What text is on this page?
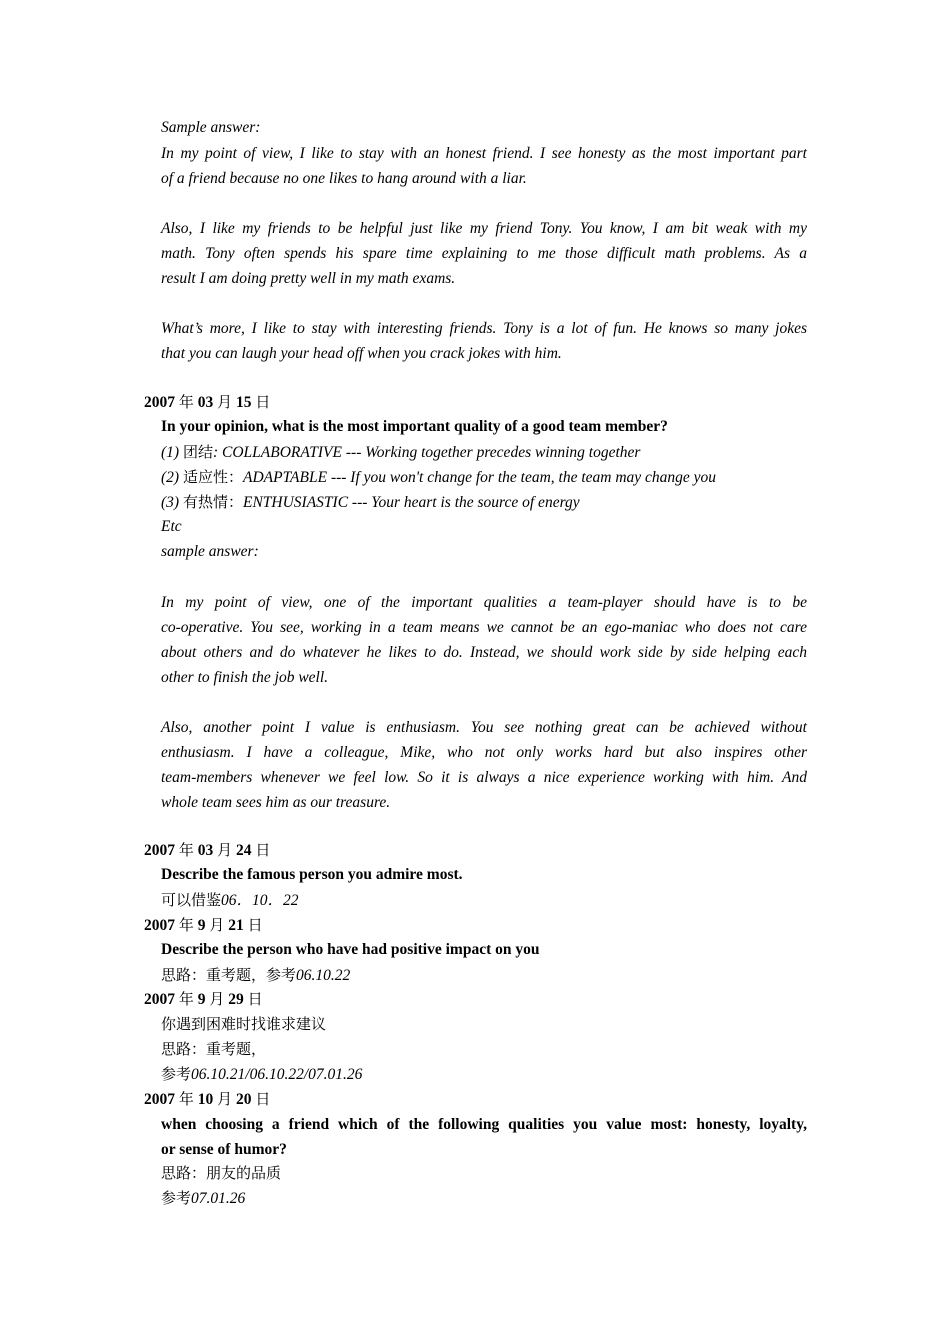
Sample answer:
In my point of view, I like to stay with an honest friend. I see honesty as the most important part
of a friend because no one likes to hang around with a liar.
Also, I like my friends to be helpful just like my friend Tony. You know, I am bit weak with my
math. Tony often spends his spare time explaining to me those difficult math problems. As a
result I am doing pretty well in my math exams.
What’s more, I like to stay with interesting friends. Tony is a lot of fun. He knows so many jokes
that you can laugh your head off when you crack jokes with him.
2007 年 03 月 15 日
In your opinion, what is the most important quality of a good team member?
(1) 团结: COLLABORATIVE --- Working together precedes winning together
(2) 适应性：ADAPTABLE --- If you won't change for the team, the team may change you
(3) 有热情：ENTHUSIASTIC --- Your heart is the source of energy
Etc
sample answer:
In my point of view, one of the important qualities a team-player should have is to be
co-operative. You see, working in a team means we cannot be an ego-maniac who does not care
about others and do whatever he likes to do. Instead, we should work side by side helping each
other to finish the job well.
Also, another point I value is enthusiasm. You see nothing great can be achieved without
enthusiasm. I have a colleague, Mike, who not only works hard but also inspires other
team-members whenever we feel low. So it is always a nice experience working with him. And
whole team sees him as our treasure.
2007 年 03 月 24 日
Describe the famous person you admire most.
可以借鉴06．10．22
2007 年 9 月 21 日
Describe the person who have had positive impact on you
思路：重考题，参考06.10.22
2007 年 9 月 29 日
你遇到困难时找谁求建议
思路：重考题，
参考06.10.21/06.10.22/07.01.26
2007 年 10 月 20 日
when choosing a friend which of the following qualities you value most: honesty, loyalty,
or sense of humor?
思路：朋友的品质
参考07.01.26
